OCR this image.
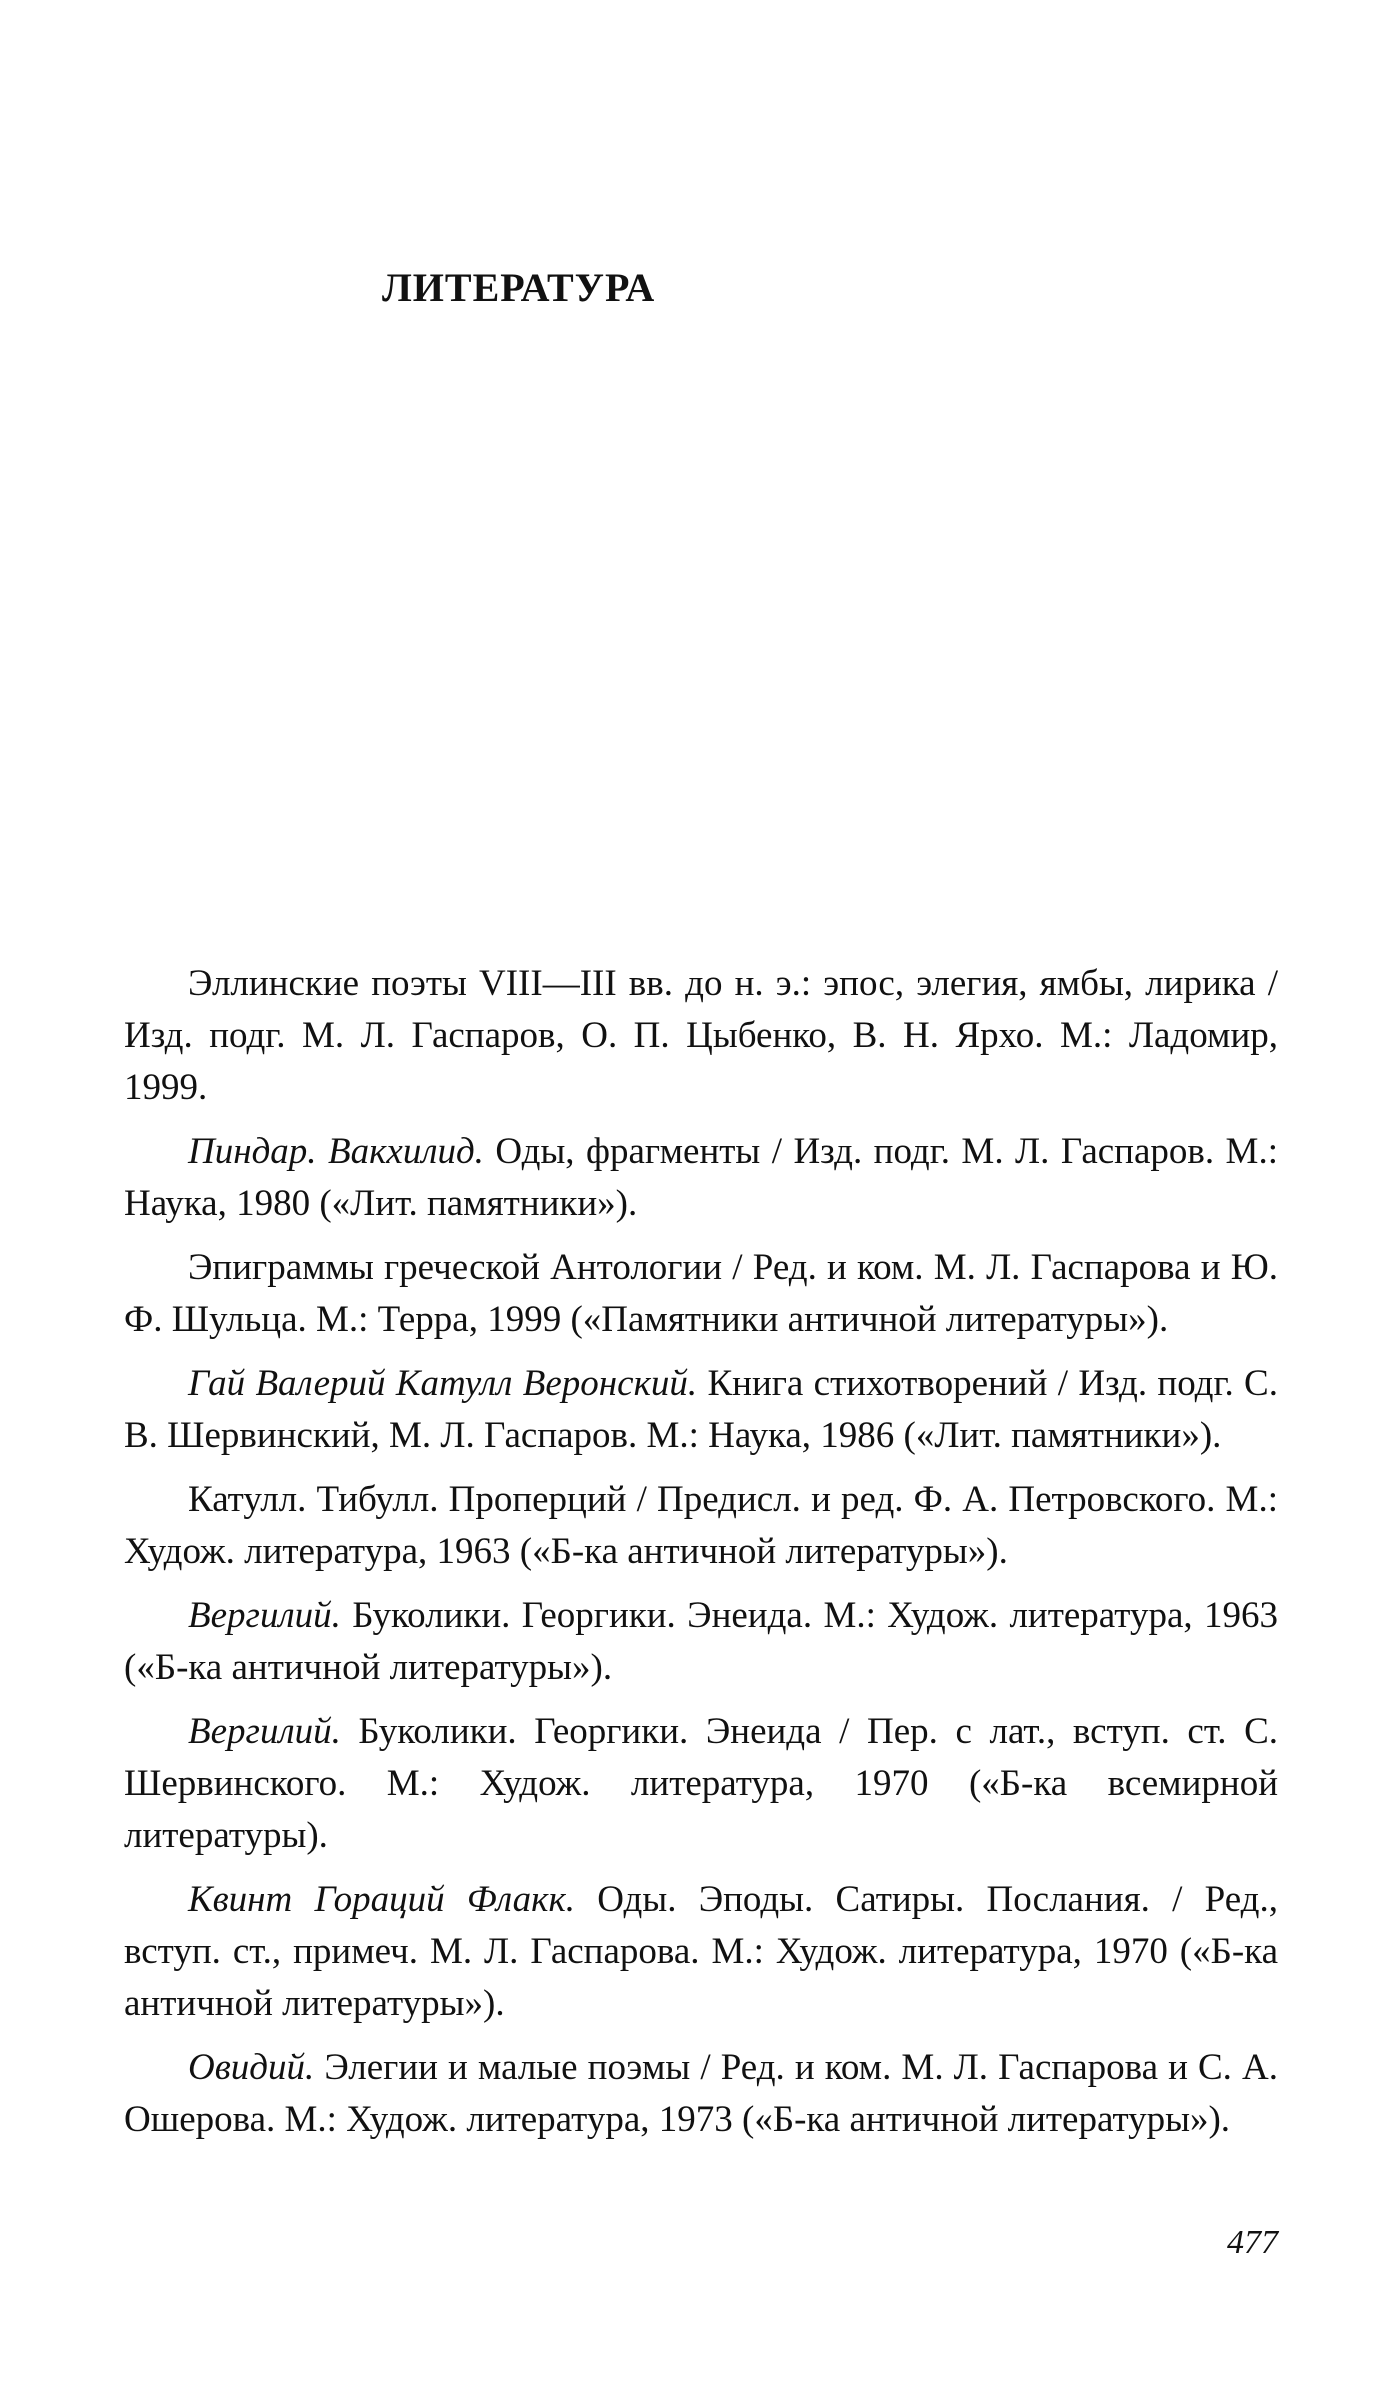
ЛИТЕРАТУРА
Эллинские поэты VIII—III вв. до н. э.: эпос, элегия, ямбы, лирика / Изд. подг. М. Л. Гаспаров, О. П. Цыбенко, В. Н. Ярхо. М.: Ладомир, 1999.
Пиндар. Вакхилид. Оды, фрагменты / Изд. подг. М. Л. Гаспаров. М.: Наука, 1980 («Лит. памятники»).
Эпиграммы греческой Антологии / Ред. и ком. М. Л. Гаспарова и Ю. Ф. Шульца. М.: Терра, 1999 («Памятники античной литературы»).
Гай Валерий Катулл Веронский. Книга стихотворений / Изд. подг. С. В. Шервинский, М. Л. Гаспаров. М.: Наука, 1986 («Лит. памятники»).
Катулл. Тибулл. Проперций / Предисл. и ред. Ф. А. Петровского. М.: Худож. литература, 1963 («Б-ка античной литературы»).
Вергилий. Буколики. Георгики. Энеида. М.: Худож. литература, 1963 («Б-ка античной литературы»).
Вергилий. Буколики. Георгики. Энеида / Пер. с лат., вступ. ст. С. Шервинского. М.: Худож. литература, 1970 («Б-ка всемирной литературы).
Квинт Гораций Флакк. Оды. Эподы. Сатиры. Послания. / Ред., вступ. ст., примеч. М. Л. Гаспарова. М.: Худож. литература, 1970 («Б-ка античной литературы»).
Овидий. Элегии и малые поэмы / Ред. и ком. М. Л. Гаспарова и С. А. Ошерова. М.: Худож. литература, 1973 («Б-ка античной литературы»).
477
